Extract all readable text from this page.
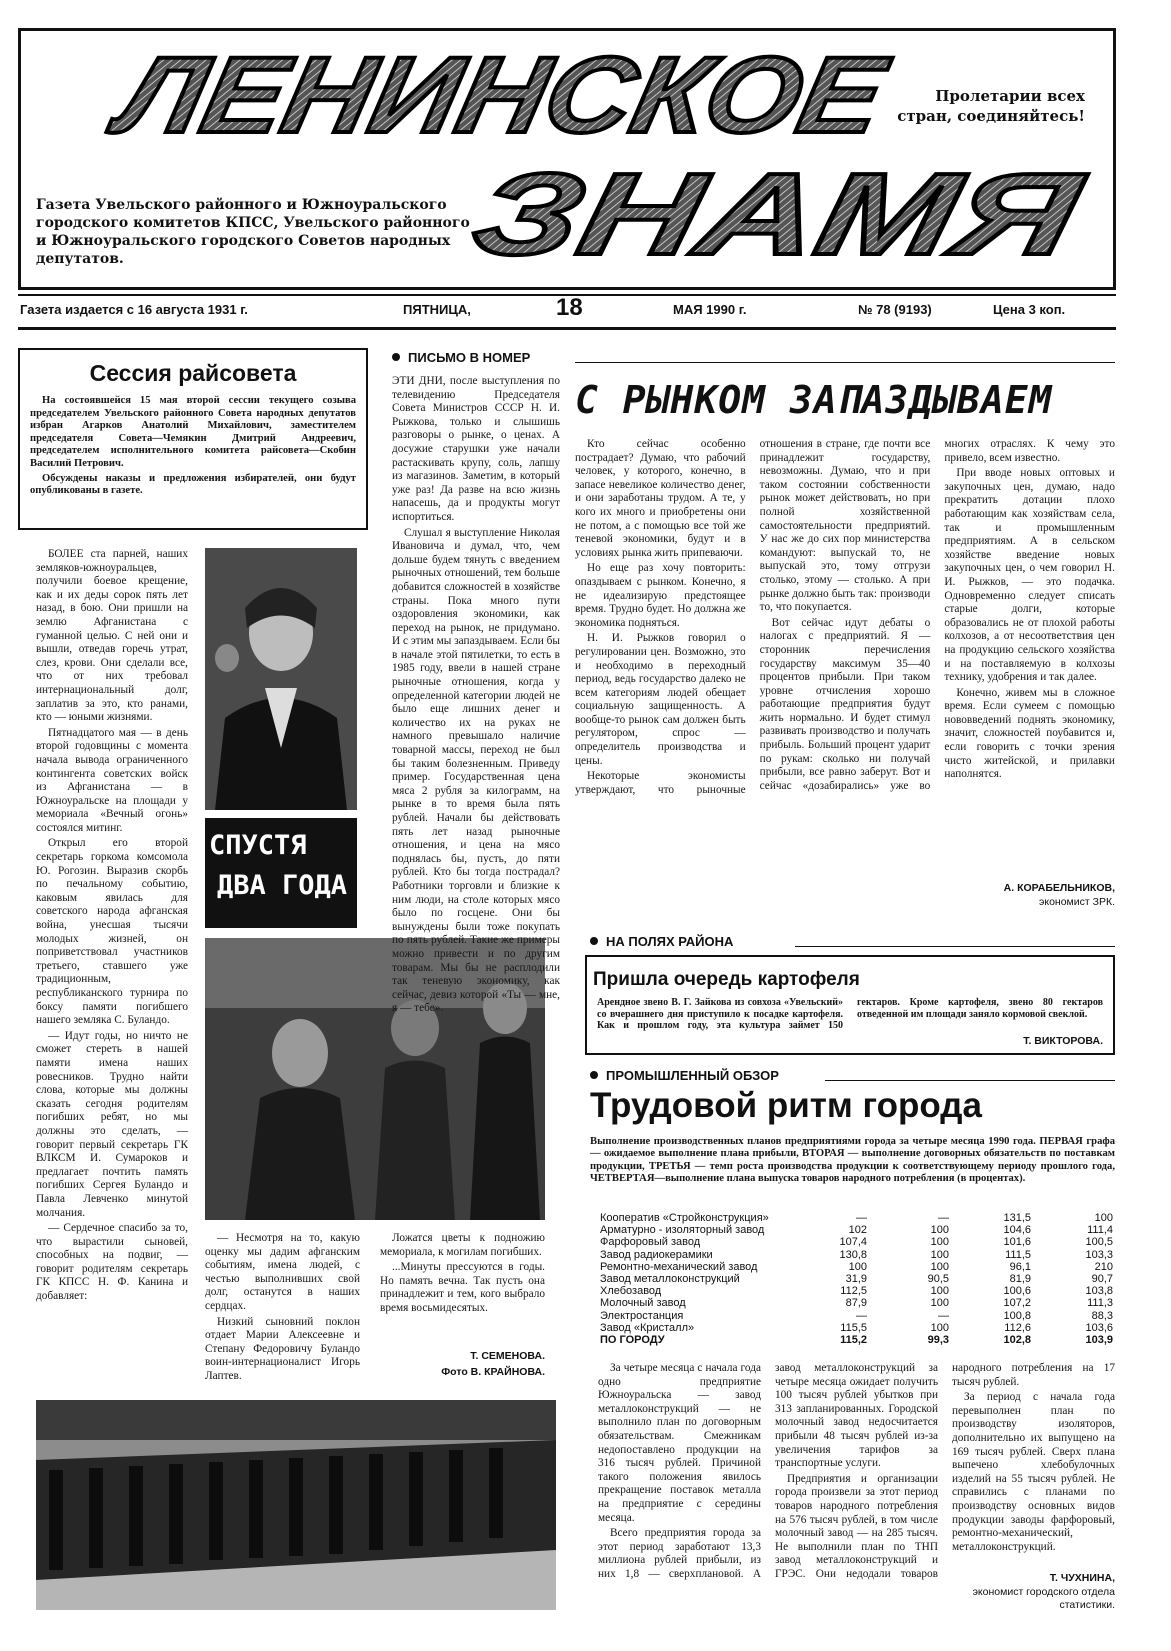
ЛЕНИНСКОЕ
ЗНАМЯ
Пролетарии всех стран, соединяйтесь!
Газета Увельского районного и Южноуральского городского комитетов КПСС, Увельского районного и Южноуральского городского Советов народных депутатов.
Газета издается с 16 августа 1931 г.	ПЯТНИЦА,	18	МАЯ 1990 г.	№ 78 (9193)	Цена 3 коп.
Сессия райсовета

На состоявшейся 15 мая второй сессии текущего созыва председателем Увельского районного Совета народных депутатов избран Агарков Анатолий Михайлович, заместителем председателя Совета—Чемякин Дмитрий Андреевич, председателем исполнительного комитета райсовета—Скобин Василий Петрович.

Обсуждены наказы и предложения избирателей, они будут опубликованы в газете.

БОЛЕЕ ста парней, наших земляков-южноуральцев, получили боевое крещение, как и их деды сорок пять лет назад, в бою. Они пришли на землю Афганистана с гуманной целью. С ней они и вышли, отведав горечь утрат, слез, крови. Они сделали все, что от них требовал интернациональный долг, заплатив за это, кто ранами, кто — юными жизнями.

Пятнадцатого мая — в день второй годовщины с момента начала вывода ограниченного контингента советских войск из Афганистана — в Южноуральске на площади у мемориала «Вечный огонь» состоялся митинг.

Открыл его второй секретарь горкома комсомола Ю. Рогозин. Выразив скорбь по печальному событию, каковым явилась для советского народа афганская война, унесшая тысячи молодых жизней, он поприветствовал участников третьего, ставшего уже традиционным, республиканского турнира по боксу памяти погибшего нашего земляка С. Буландо.

— Идут годы, но ничто не сможет стереть в нашей памяти имена наших ровесников. Трудно найти слова, которые мы должны сказать сегодня родителям погибших ребят, но мы должны это сделать, — говорит первый секретарь ГК ВЛКСМ И. Сумароков и предлагает почтить память погибших Сергея Буландо и Павла Левченко минутой молчания.

— Сердечное спасибо за то, что вырастили сыновей, способных на подвиг, — говорит родителям секретарь ГК КПСС Н. Ф. Канина и добавляет:

СПУСТЯ
ДВА ГОДА

— Несмотря на то, какую оценку мы дадим афганским событиям, имена людей, с честью выполнивших свой долг, останутся в наших сердцах.

Низкий сыновний поклон отдает Марии Алексеевне и Степану Федоровичу Буландо воин-интернационалист Игорь Лаптев.

Ложатся цветы к подножию мемориала, к могилам погибших.

...Минуты пресcуются в годы. Но память вечна. Так пусть она принадлежит и тем, кого выбрало время восьмидесятых.

Т. СЕМЕНОВА.
Фото В. КРАЙНОВА.
ПИСЬМО В НОМЕР
С РЫНКОМ ЗАПАЗДЫВАЕМ

ЭТИ ДНИ, после выступления по телевидению Председателя Совета Министров СССР Н. И. Рыжкова, только и слышишь разговоры о рынке, о ценах. А досужие старушки уже начали растаскивать крупу, соль, лапшу из магазинов. Заметим, в который уже раз! Да разве на всю жизнь напасешь, да и продукты могут испортиться.

Слушал я выступление Николая Ивановича и думал, что, чем дольше будем тянуть с введением рыночных отношений, тем больше добавится сложностей в хозяйстве страны. Пока много пути оздоровления экономики, как переход на рынок, не придумано. И с этим мы запаздываем. Если бы в начале этой пятилетки, то есть в 1985 году, ввели в нашей стране рыночные отношения, когда у определенной категории людей не было еще лишних денег и количество их на руках не намного превышало наличие товарной массы, переход не был бы таким болезненным. Приведу пример. Государственная цена мяса 2 рубля за килограмм, на рынке в то время была пять рублей. Начали бы действовать пять лет назад рыночные отношения, и цена на мясо поднялась бы, пусть, до пяти рублей. Кто бы тогда пострадал? Работники торговли и близкие к ним люди, на столе которых мясо было по госцене. Они бы вынуждены были тоже покупать по пять рублей. Такие же примеры можно привести и по другим товарам. Мы бы не расплодили так теневую экономику, как сейчас, девиз которой «Ты — мне, я — тебе».

Кто сейчас особенно пострадает? Думаю, что рабочий человек, у которого, конечно, в запасе невеликое количество денег, и они заработаны трудом. А те, у кого их много и приобретены они не потом, а с помощью все той же теневой экономики, будут и в условиях рынка жить припеваючи.

Но еще раз хочу повторить: опаздываем с рынком. Конечно, я не идеализирую предстоящее время. Трудно будет. Но должна же экономика подняться.

Н. И. Рыжков говорил о регулировании цен. Возможно, это и необходимо в переходный период, ведь государство далеко не всем категориям людей обещает социальную защищенность. А вообще-то рынок сам должен быть регулятором, спрос — определитель производства и цены.

Некоторые экономисты утверждают, что рыночные отношения в стране, где почти все принадлежит государству, невозможны. Думаю, что и при таком состоянии собственности рынок может действовать, но при полной хозяйственной самостоятельности предприятий. У нас же до сих пор министерства командуют: выпускай то, не выпускай это, тому отгрузи столько, этому — столько. А при рынке должно быть так: производи то, что покупается.

Вот сейчас идут дебаты о налогах с предприятий. Я — сторонник перечисления государству максимум 35—40 процентов прибыли. При таком уровне отчисления хорошо работающие предприятия будут жить нормально. И будет стимул развивать производство и получать прибыль. Больший процент ударит по рукам: сколько ни получай прибыли, все равно заберут. Вот и сейчас «дозабирались» уже во многих отраслях. К чему это привело, всем известно.

При вводе новых оптовых и закупочных цен, думаю, надо прекратить дотации плохо работающим как хозяйствам села, так и промышленным предприятиям. А в сельском хозяйстве введение новых закупочных цен, о чем говорил Н. И. Рыжков, — это подачка. Одновременно следует списать старые долги, которые образовались не от плохой работы колхозов, а от несоответствия цен на продукцию сельского хозяйства и на поставляемую в колхозы технику, удобрения и так далее.

Конечно, живем мы в сложное время. Если сумеем с помощью нововведений поднять экономику, значит, сложностей поубавится и, если говорить с точки зрения чисто житейской, и прилавки наполнятся.

А. КОРАБЕЛЬНИКОВ,
экономист ЗРК.
НА ПОЛЯХ РАЙОНА
Пришла очередь картофеля
Арендное звено В. Г. Зайкова из совхоза «Увельский» со вчерашнего дня приступило к посадке картофеля. Как и прошлом году, эта культура займет 150 гектаров. Кроме картофеля, звено 80 гектаров отведенной им площади заняло кормовой свеклой.
Т. ВИКТОРОВА.
ПРОМЫШЛЕННЫЙ ОБЗОР
Трудовой ритм города
Выполнение производственных планов предприятиями города за четыре месяца 1990 года. ПЕРВАЯ графа — ожидаемое выполнение плана прибыли, ВТОРАЯ — выполнение договорных обязательств по поставкам продукции, ТРЕТЬЯ — темп роста производства продукции к соответствующему периоду прошлого года, ЧЕТВЕРТАЯ—выполнение плана выпуска товаров народного потребления (в процентах).
Кооператив «Стройконструкция»	—	—	131,5	100
Арматурно - изоляторный завод	102	100	104,6	111,4
Фарфоровый завод	107,4	100	101,6	100,5
Завод радиокерамики	130,8	100	111,5	103,3
Ремонтно-механический завод	100	100	96,1	210
Завод металлоконструкций	31,9	90,5	81,9	90,7
Хлебозавод	112,5	100	100,6	103,8
Молочный завод	87,9	100	107,2	111,3
Электростанция	—	—	100,8	88,3
Завод «Кристалл»	115,5	100	112,6	103,6
ПО ГОРОДУ	115,2	99,3	102,8	103,9

За четыре месяца с начала года одно предприятие Южноуральска — завод металлоконструкций — не выполнило план по договорным обязательствам. Смежникам недопоставлено продукции на 316 тысяч рублей. Причиной такого положения явилось прекращение поставок металла на предприятие с середины месяца.

Всего предприятия города за этот период заработают 13,3 миллиона рублей прибыли, из них 1,8 — сверхплановой. А завод металлоконструкций за четыре месяца ожидает получить 100 тысяч рублей убытков при 313 запланированных. Городской молочный завод недосчитается прибыли 48 тысяч рублей из-за увеличения тарифов за транспортные услуги.

Предприятия и организации города произвели за этот период товаров народного потребления на 576 тысяч рублей, в том числе молочный завод — на 285 тысяч. Не выполнили план по ТНП завод металлоконструкций и ГРЭС. Они недодали товаров народного потребления на 17 тысяч рублей.

За период с начала года перевыполнен план по производству изоляторов, дополнительно их выпущено на 169 тысяч рублей. Сверх плана выпечено хлебобулочных изделий на 55 тысяч рублей. Не справились с планами по производству основных видов продукции заводы фарфоровый, ремонтно-механический, металлоконструкций.

Т. ЧУХНИНА,
экономист городского отдела статистики.
